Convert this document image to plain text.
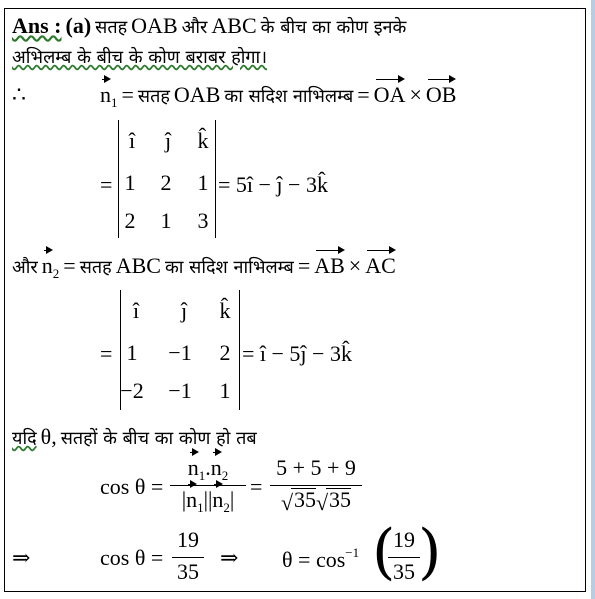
Ans : (a) सतह OAB और ABC के बीच का कोण इनके
अभिलम्ब के बीच के कोण बराबर होगा।
∴	$n_1$ = सतह OAB का सदिश नाभिलम्ब = OA × OB
=
î	ĵ	k̂
1	2	1
2	1	3
= 5î − ĵ − 3k̂
और $n_2$ = सतह ABC का सदिश नाभिलम्ब = AB × AC
=
î	ĵ	k̂
1	−1	2
−2	−1	1
= î − 5ĵ − 3k̂
यदि θ, सतहों के बीच का कोण हो तब
cos θ =
$n_1.n_2$
$|n_1||n_2|$
=
5 + 5 + 9
√ 35 √ 35
⇒	cos θ =
19
35
⇒ $\theta = \cos^{-1}$ (
19
35 )
